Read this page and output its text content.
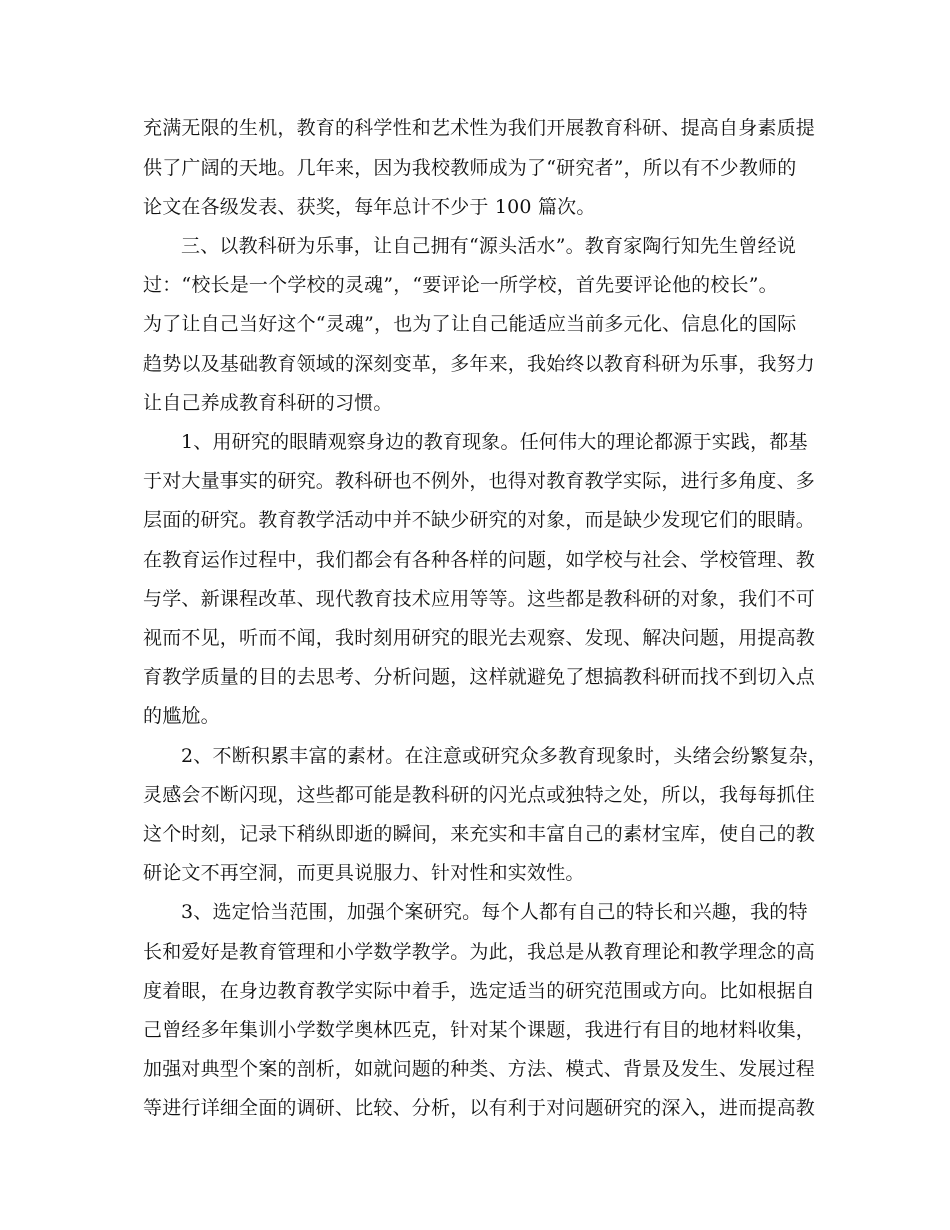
充满无限的生机，教育的科学性和艺术性为我们开展教育科研、提高自身素质提
供了广阔的天地。几年来，因为我校教师成为了“研究者”，所以有不少教师的
论文在各级发表、获奖，每年总计不少于 100 篇次。
三、以教科研为乐事，让自己拥有“源头活水”。教育家陶行知先生曾经说
过：“校长是一个学校的灵魂”，“要评论一所学校，首先要评论他的校长”。
为了让自己当好这个“灵魂”，也为了让自己能适应当前多元化、信息化的国际
趋势以及基础教育领域的深刻变革，多年来，我始终以教育科研为乐事，我努力
让自己养成教育科研的习惯。
1、用研究的眼睛观察身边的教育现象。任何伟大的理论都源于实践，都基
于对大量事实的研究。教科研也不例外，也得对教育教学实际，进行多角度、多
层面的研究。教育教学活动中并不缺少研究的对象，而是缺少发现它们的眼睛。
在教育运作过程中，我们都会有各种各样的问题，如学校与社会、学校管理、教
与学、新课程改革、现代教育技术应用等等。这些都是教科研的对象，我们不可
视而不见，听而不闻，我时刻用研究的眼光去观察、发现、解决问题，用提高教
育教学质量的目的去思考、分析问题，这样就避免了想搞教科研而找不到切入点
的尴尬。
2、不断积累丰富的素材。在注意或研究众多教育现象时，头绪会纷繁复杂，
灵感会不断闪现，这些都可能是教科研的闪光点或独特之处，所以，我每每抓住
这个时刻，记录下稍纵即逝的瞬间，来充实和丰富自己的素材宝库，使自己的教
研论文不再空洞，而更具说服力、针对性和实效性。
3、选定恰当范围，加强个案研究。每个人都有自己的特长和兴趣，我的特
长和爱好是教育管理和小学数学教学。为此，我总是从教育理论和教学理念的高
度着眼，在身边教育教学实际中着手，选定适当的研究范围或方向。比如根据自
己曾经多年集训小学数学奥林匹克，针对某个课题，我进行有目的地材料收集，
加强对典型个案的剖析，如就问题的种类、方法、模式、背景及发生、发展过程
等进行详细全面的调研、比较、分析，以有利于对问题研究的深入，进而提高教
